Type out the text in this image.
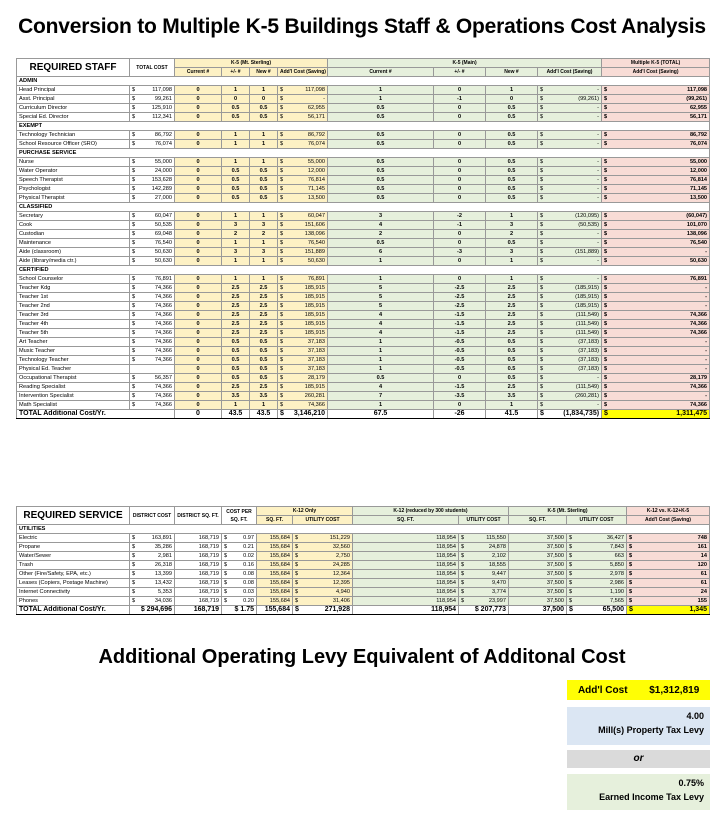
Conversion to Multiple K-5 Buildings Staff & Operations Cost Analysis
REQUIRED STAFF	TOTAL COST	K-5 (Mt. Sterling)				K-5 (Main)				Multiple K-5 (TOTAL)
		Current #	+/- #	New #	Add'l Cost (Saving)	Current #	+/- #	New #	Add'l Cost (Saving)	Add'l Cost (Saving)
ADMIN										
Head Principal	$ 117,098	0	1	1	$ 117,098	1	0	1	$ -	$ 117,098
Asst. Principal	$ 99,261	0	0	0	$ -	1	-1	0	$ (99,261)	$ (99,261)
Curriculum Director	$ 125,910	0	0.5	0.5	$ 62,955	0.5	0	0.5	$ -	$ 62,955
Special Ed. Director	$ 112,341	0	0.5	0.5	$ 56,171	0.5	0	0.5	$ -	$ 56,171
EXEMPT										
Technology Technician	$ 86,792	0	1	1	$ 86,792	0.5	0	0.5	$ -	$ 86,792
School Resource Officer (SRO)	$ 76,074	0	1	1	$ 76,074	0.5	0	0.5	$ -	$ 76,074
PURCHASE SERVICE										
Nurse	$ 55,000	0	1	1	$ 55,000	0.5	0	0.5	$ -	$ 55,000
Water Operator	$ 24,000	0	0.5	0.5	$ 12,000	0.5	0	0.5	$ -	$ 12,000
Speech Therapist	$ 153,628	0	0.5	0.5	$ 76,814	0.5	0	0.5	$ -	$ 76,814
Psychologist	$ 142,289	0	0.5	0.5	$ 71,145	0.5	0	0.5	$ -	$ 71,145
Physical Therapist	$ 27,000	0	0.5	0.5	$ 13,500	0.5	0	0.5	$ -	$ 13,500
CLASSIFIED										
Secretary	$ 60,047	0	1	1	$ 60,047	3	-2	1	$ (120,095)	$ (60,047)
Cook	$ 50,535	0	3	3	$ 151,606	4	-1	3	$ (50,535)	$ 101,070
Custodian	$ 69,048	0	2	2	$ 138,096	2	0	2	$ -	$ 138,096
Maintenance	$ 76,540	0	1	1	$ 76,540	0.5	0	0.5	$ -	$ 76,540
Aide (classroom)	$ 50,630	0	3	3	$ 151,889	6	-3	3	$ (151,889)	$ -
Aide (library/media ctr.)	$ 50,630	0	1	1	$ 50,630	1	0	1	$ -	$ 50,630
CERTIFIED										
School Counselor	$ 76,891	0	1	1	$ 76,891	1	0	1	$ -	$ 76,891
Teacher Kdg	$ 74,366	0	2.5	2.5	$ 185,915	5	-2.5	2.5	$ (185,915)	$ -
Teacher 1st	$ 74,366	0	2.5	2.5	$ 185,915	5	-2.5	2.5	$ (185,915)	$ -
Teacher 2nd	$ 74,366	0	2.5	2.5	$ 185,915	5	-2.5	2.5	$ (185,915)	$ -
Teacher 3rd	$ 74,366	0	2.5	2.5	$ 185,915	4	-1.5	2.5	$ (111,549)	$ 74,366
Teacher 4th	$ 74,366	0	2.5	2.5	$ 185,915	4	-1.5	2.5	$ (111,549)	$ 74,366
Teacher 5th	$ 74,366	0	2.5	2.5	$ 185,915	4	-1.5	2.5	$ (111,549)	$ 74,366
Art Teacher	$ 74,366	0	0.5	0.5	$ 37,183	1	-0.5	0.5	$ (37,183)	$ -
Music Teacher	$ 74,366	0	0.5	0.5	$ 37,183	1	-0.5	0.5	$ (37,183)	$ -
Technology Teacher	$ 74,366	0	0.5	0.5	$ 37,183	1	-0.5	0.5	$ (37,183)	$ -
Physical Ed. Teacher		0	0.5	0.5	$ 37,183	1	-0.5	0.5	$ (37,183)	$ -
Occupational Therapist	$ 56,357	0	0.5	0.5	$ 28,179	0.5	0	0.5	$ -	$ 28,179
Reading Specialist	$ 74,366	0	2.5	2.5	$ 185,915	4	-1.5	2.5	$ (111,549)	$ 74,366
Intervention Specialist	$ 74,366	0	3.5	3.5	$ 260,281	7	-3.5	3.5	$ (260,281)	$ -
Math Specialist	$ 74,366	0	1	1	$ 74,366	1	0	1	$ -	$ 74,366
TOTAL Additional Cost/Yr.		0	43.5	43.5	$ 3,146,210	67.5	-26	41.5	$ (1,834,735)	$ 1,311,475
REQUIRED SERVICE	DISTRICT COST	DISTRICT SQ. FT.	COST PER SQ. FT.	K-12 Only		K-12 (reduced by 300 students)		K-5 (Mt. Sterling)		K-12 vs. K-12+K-5
				SQ. FT.	UTILITY COST	SQ. FT.	UTILITY COST	SQ. FT.	UTILITY COST	Add'l Cost (Saving)
UTILITIES										
Electric	$ 163,891	168,719	$ 0.97	155,684	$ 151,229	118,954	$ 115,550	37,500	$ 36,427	$ 748
Propane	$ 35,286	168,719	$ 0.21	155,684	$ 32,560	118,954	$ 24,878	37,500	$ 7,843	$ 161
Water/Sewer	$ 2,981	168,719	$ 0.02	155,684	$ 2,750	118,954	$ 2,102	37,500	$ 663	$ 14
Trash	$ 26,318	168,719	$ 0.16	155,684	$ 24,285	118,954	$ 18,555	37,500	$ 5,850	$ 120
Other (Fire/Safety, EPA, etc.)	$ 13,399	168,719	$ 0.08	155,684	$ 12,364	118,954	$ 9,447	37,500	$ 2,978	$ 61
Leases (Copiers, Postage Machine)	$ 13,432	168,719	$ 0.08	155,684	$ 12,395	118,954	$ 9,470	37,500	$ 2,986	$ 61
Internet Connectivity	$ 5,353	168,719	$ 0.03	155,684	$ 4,940	118,954	$ 3,774	37,500	$ 1,190	$ 24
Phones	$ 34,036	168,719	$ 0.20	155,684	$ 31,406	118,954	$ 23,997	37,500	$ 7,565	$ 155
TOTAL Additional Cost/Yr.	$ 294,696	168,719	$ 1.75	155,684	$ 271,928	118,954	$ 207,773	37,500	$ 65,500	$ 1,345
Additional Operating Levy Equivalent of Additonal Cost
Add'l Cost	$1,312,819
4.00
Mill(s) Property Tax Levy
or
0.75%
Earned Income Tax Levy
